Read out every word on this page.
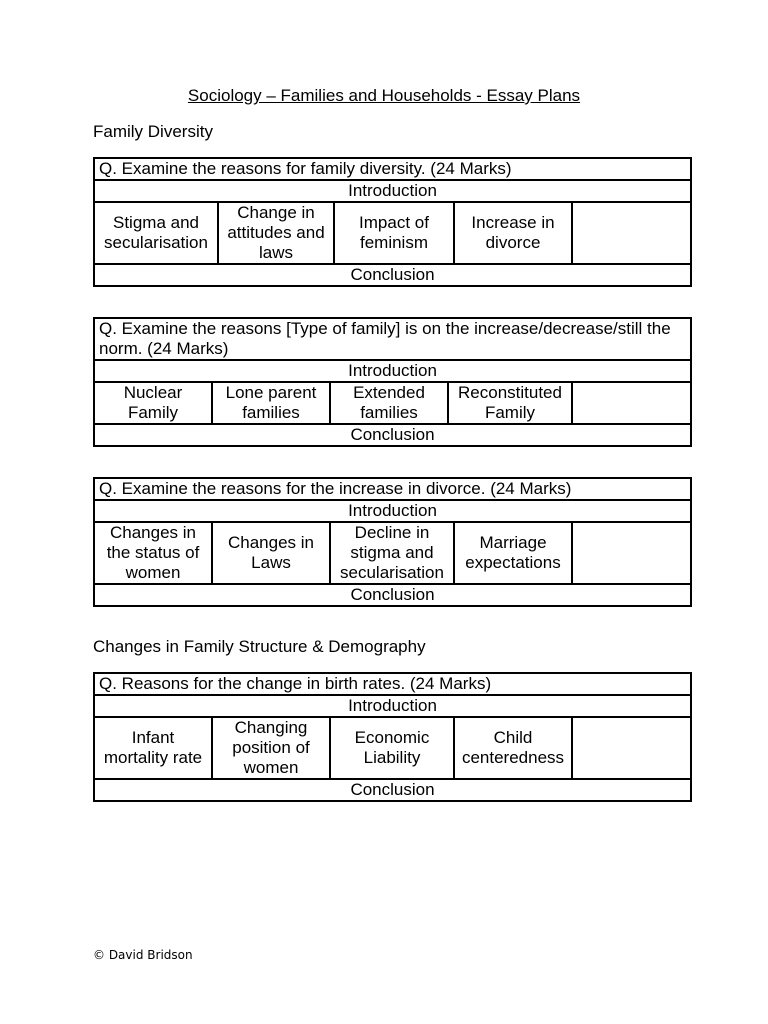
Sociology – Families and Households - Essay Plans
Family Diversity
Q. Examine the reasons for family diversity. (24 Marks)
Introduction
Stigma and secularisation	Change in attitudes and laws	Impact of feminism	Increase in divorce	
Conclusion
Q. Examine the reasons [Type of family] is on the increase/decrease/still the norm. (24 Marks)
Introduction
Nuclear Family	Lone parent families	Extended families	Reconstituted Family	
Conclusion
Q. Examine the reasons for the increase in divorce. (24 Marks)
Introduction
Changes in the status of women	Changes in Laws	Decline in stigma and secularisation	Marriage expectations	
Conclusion
Changes in Family Structure & Demography
Q. Reasons for the change in birth rates. (24 Marks)
Introduction
Infant mortality rate	Changing position of women	Economic Liability	Child centeredness	
Conclusion
© David Bridson
